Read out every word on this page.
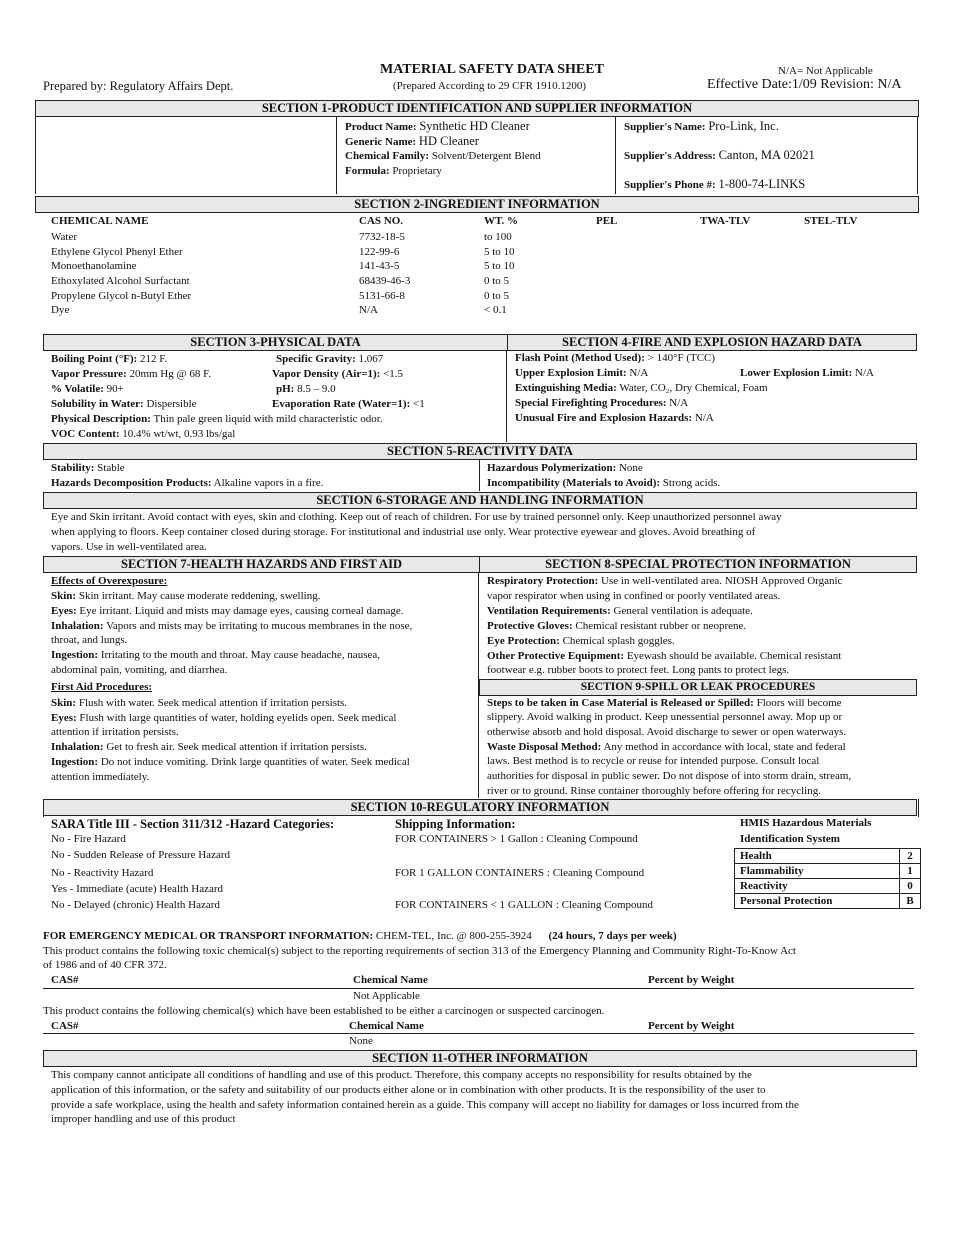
MATERIAL SAFETY DATA SHEET
(Prepared According to 29 CFR 1910.1200)
Prepared by: Regulatory Affairs Dept.
N/A= Not Applicable
Effective Date:1/09 Revision: N/A
SECTION 1-PRODUCT IDENTIFICATION AND SUPPLIER INFORMATION
Product Name: Synthetic HD Cleaner
Generic Name: HD Cleaner
Chemical Family: Solvent/Detergent Blend
Formula: Proprietary
Supplier's Name: Pro-Link, Inc.
Supplier's Address: Canton, MA 02021
Supplier's Phone #: 1-800-74-LINKS
SECTION 2-INGREDIENT INFORMATION
CHEMICAL NAME	CAS NO.	WT. %	PEL	TWA-TLV	STEL-TLV
Water	7732-18-5	to 100
Ethylene Glycol Phenyl Ether	122-99-6	5 to 10
Monoethanolamine	141-43-5	5 to 10
Ethoxylated Alcohol Surfactant	68439-46-3	0 to 5
Propylene Glycol n-Butyl Ether	5131-66-8	0 to 5
Dye	N/A	< 0.1
SECTION 3-PHYSICAL DATA	SECTION 4-FIRE AND EXPLOSION HAZARD DATA
Boiling Point (°F): 212 F.	Specific Gravity: 1.067
Vapor Pressure: 20mm Hg @ 68 F.	Vapor Density (Air=1): <1.5
% Volatile: 90+	pH: 8.5 – 9.0
Solubility in Water: Dispersible	Evaporation Rate (Water=1): <1
Physical Description: Thin pale green liquid with mild characteristic odor.
VOC Content: 10.4% wt/wt, 0.93 lbs/gal
Flash Point (Method Used): > 140°F (TCC)
Upper Explosion Limit: N/A	Lower Explosion Limit: N/A
Extinguishing Media: Water, CO₂, Dry Chemical, Foam
Special Firefighting Procedures: N/A
Unusual Fire and Explosion Hazards: N/A
SECTION 5-REACTIVITY DATA
Stability: Stable
Hazards Decomposition Products: Alkaline vapors in a fire.
Hazardous Polymerization: None
Incompatibility (Materials to Avoid): Strong acids.
SECTION 6-STORAGE AND HANDLING INFORMATION
Eye and Skin irritant. Avoid contact with eyes, skin and clothing. Keep out of reach of children. For use by trained personnel only. Keep unauthorized personnel away
when applying to floors. Keep container closed during storage. For institutional and industrial use only. Wear protective eyewear and gloves. Avoid breathing of
vapors. Use in well-ventilated area.
SECTION 7-HEALTH HAZARDS AND FIRST AID	SECTION 8-SPECIAL PROTECTION INFORMATION
Effects of Overexposure:
Skin: Skin irritant. May cause moderate reddening, swelling.
Eyes: Eye irritant. Liquid and mists may damage eyes, causing corneal damage.
Inhalation: Vapors and mists may be irritating to mucous membranes in the nose,
throat, and lungs.
Ingestion: Irritating to the mouth and throat. May cause headache, nausea,
abdominal pain, vomiting, and diarrhea.
First Aid Procedures:
Skin: Flush with water. Seek medical attention if irritation persists.
Eyes: Flush with large quantities of water, holding eyelids open. Seek medical
attention if irritation persists.
Inhalation: Get to fresh air. Seek medical attention if irritation persists.
Ingestion: Do not induce vomiting. Drink large quantities of water. Seek medical
attention immediately.
Respiratory Protection: Use in well-ventilated area. NIOSH Approved Organic
vapor respirator when using in confined or poorly ventilated areas.
Ventilation Requirements: General ventilation is adequate.
Protective Gloves: Chemical resistant rubber or neoprene.
Eye Protection: Chemical splash goggles.
Other Protective Equipment: Eyewash should be available. Chemical resistant
footwear e.g. rubber boots to protect feet. Long pants to protect legs.
SECTION 9-SPILL OR LEAK PROCEDURES
Steps to be taken in Case Material is Released or Spilled: Floors will become
slippery. Avoid walking in product. Keep unessential personnel away. Mop up or
otherwise absorb and hold disposal. Avoid discharge to sewer or open waterways.
Waste Disposal Method: Any method in accordance with local, state and federal
laws. Best method is to recycle or reuse for intended purpose. Consult local
authorities for disposal in public sewer. Do not dispose of into storm drain, stream,
river or to ground. Rinse container thoroughly before offering for recycling.
SECTION 10-REGULATORY INFORMATION
SARA Title III - Section 311/312 -Hazard Categories:
No - Fire Hazard
No - Sudden Release of Pressure Hazard
No - Reactivity Hazard
Yes - Immediate (acute) Health Hazard
No - Delayed (chronic) Health Hazard
Shipping Information:
FOR CONTAINERS > 1 Gallon : Cleaning Compound
FOR 1 GALLON CONTAINERS : Cleaning Compound
FOR CONTAINERS < 1 GALLON : Cleaning Compound
HMIS Hazardous Materials
Identification System
Health	2
Flammability	1
Reactivity	0
Personal Protection	B
FOR EMERGENCY MEDICAL OR TRANSPORT INFORMATION: CHEM-TEL, Inc. @ 800-255-3924 (24 hours, 7 days per week)
This product contains the following toxic chemical(s) subject to the reporting requirements of section 313 of the Emergency Planning and Community Right-To-Know Act
of 1986 and of 40 CFR 372.
CAS#	Chemical Name	Percent by Weight
Not Applicable
This product contains the following chemical(s) which have been established to be either a carcinogen or suspected carcinogen.
CAS#	Chemical Name	Percent by Weight
None
SECTION 11-OTHER INFORMATION
This company cannot anticipate all conditions of handling and use of this product. Therefore, this company accepts no responsibility for results obtained by the
application of this information, or the safety and suitability of our products either alone or in combination with other products. It is the responsibility of the user to
provide a safe workplace, using the health and safety information contained herein as a guide. This company will accept no liability for damages or loss incurred from the
improper handling and use of this product
